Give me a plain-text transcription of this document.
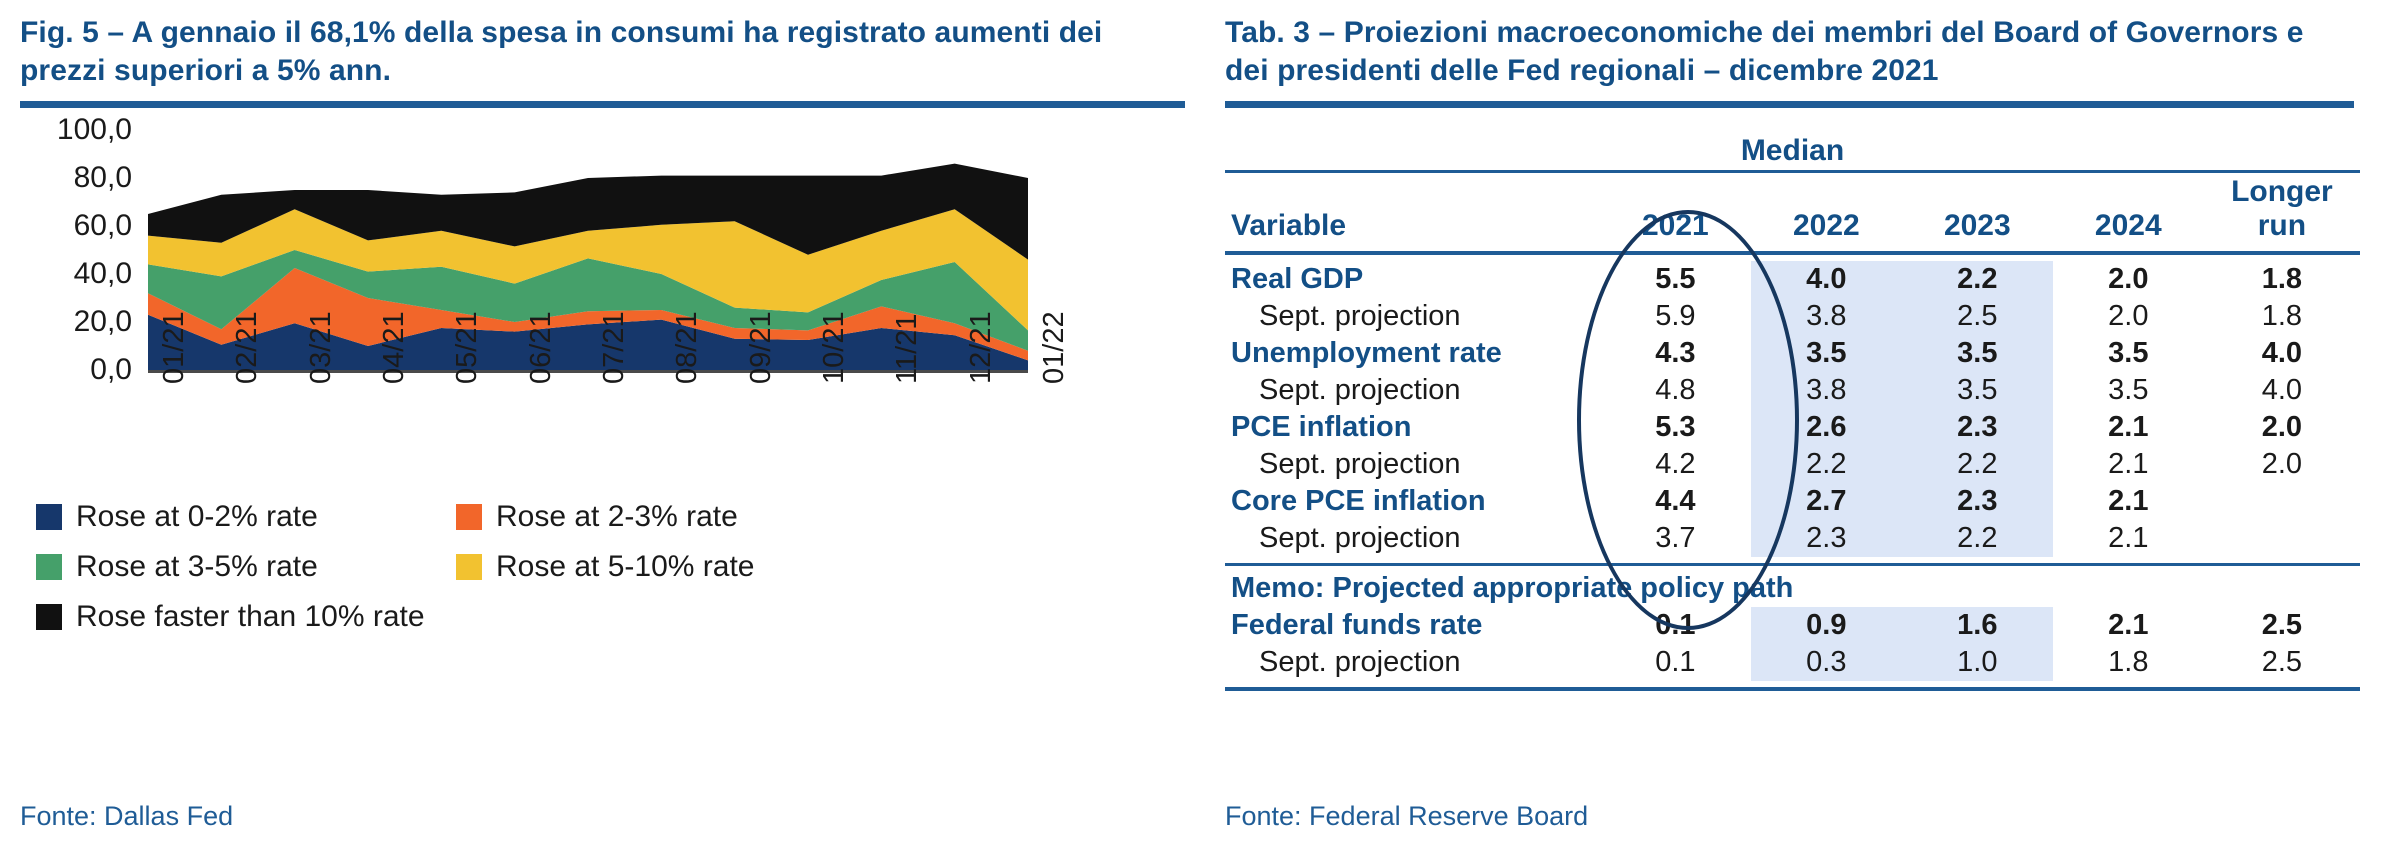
Fig. 5 – A gennaio il 68,1% della spesa in consumi ha registrato aumenti dei prezzi superiori a 5% ann.
0,0
20,0
40,0
60,0
80,0
100,0
01/21 02/21 03/21 04/21 05/21 06/21 07/21 08/21 09/21 10/21 11/21 12/21 01/22
Rose at 0-2% rate	Rose at 2-3% rate
Rose at 3-5% rate	Rose at 5-10% rate
Rose faster than 10% rate
Fonte: Dallas Fed
Tab. 3 – Proiezioni macroeconomiche dei membri del Board of Governors e dei presidenti delle Fed regionali – dicembre 2021
Median
Variable	2021	2022	2023	2024	Longer
run

Real GDP	5.5	4.0	2.2	2.0	1.8
Sept. projection	5.9	3.8	2.5	2.0	1.8
Unemployment rate	4.3	3.5	3.5	3.5	4.0
Sept. projection	4.8	3.8	3.5	3.5	4.0
PCE inflation	5.3	2.6	2.3	2.1	2.0
Sept. projection	4.2	2.2	2.2	2.1	2.0
Core PCE inflation	4.4	2.7	2.3	2.1	
Sept. projection	3.7	2.3	2.2	2.1	

Memo: Projected appropriate policy path					
Federal funds rate	0.1	0.9	1.6	2.1	2.5
Sept. projection	0.1	0.3	1.0	1.8	2.5

Fonte: Federal Reserve Board
